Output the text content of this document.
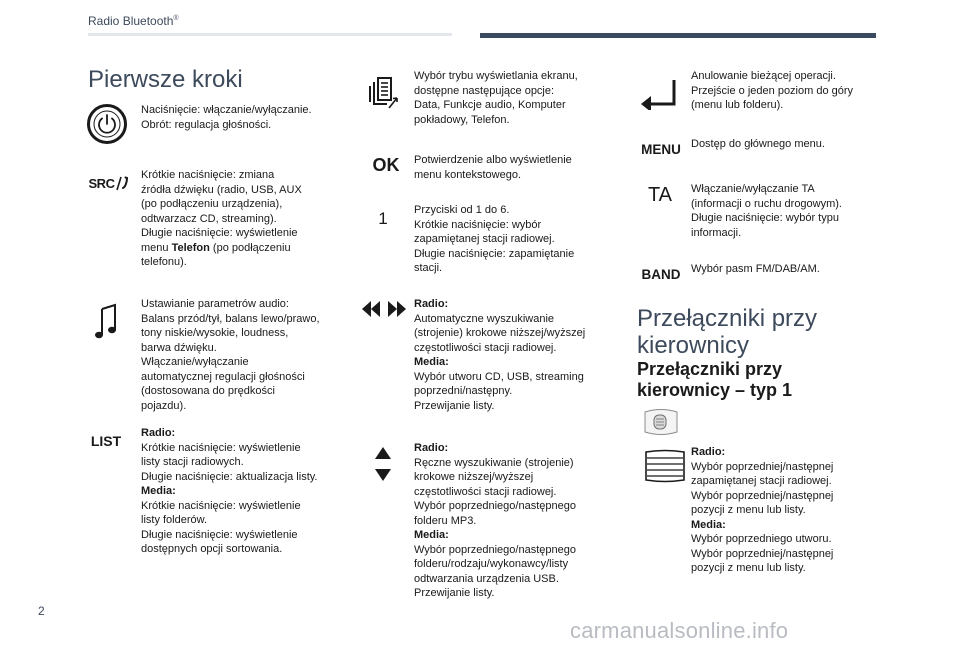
Radio Bluetooth®
Pierwsze kroki
Naciśnięcie: włączanie/wyłączanie.
Obrót: regulacja głośności.
SRC
Krótkie naciśnięcie: zmiana
źródła dźwięku (radio, USB, AUX
(po podłączeniu urządzenia),
odtwarzacz CD, streaming).
Długie naciśnięcie: wyświetlenie
menu Telefon (po podłączeniu
telefonu).
Ustawianie parametrów audio:
Balans przód/tył, balans lewo/prawo,
tony niskie/wysokie, loudness,
barwa dźwięku.
Włączanie/wyłączanie
automatycznej regulacji głośności
(dostosowana do prędkości
pojazdu).
LIST Radio:
Krótkie naciśnięcie: wyświetlenie
listy stacji radiowych.
Długie naciśnięcie: aktualizacja listy.
Media:
Krótkie naciśnięcie: wyświetlenie
listy folderów.
Długie naciśnięcie: wyświetlenie
dostępnych opcji sortowania.
Wybór trybu wyświetlania ekranu,
dostępne następujące opcje:
Data, Funkcje audio, Komputer
pokładowy, Telefon.
OK Potwierdzenie albo wyświetlenie
menu kontekstowego.
1 Przyciski od 1 do 6.
Krótkie naciśnięcie: wybór
zapamiętanej stacji radiowej.
Długie naciśnięcie: zapamiętanie
stacji.
Radio:
Automatyczne wyszukiwanie
(strojenie) krokowe niższej/wyższej
częstotliwości stacji radiowej.
Media:
Wybór utworu CD, USB, streaming
poprzedni/następny.
Przewijanie listy.
Radio:
Ręczne wyszukiwanie (strojenie)
krokowe niższej/wyższej
częstotliwości stacji radiowej.
Wybór poprzedniego/następnego
folderu MP3.
Media:
Wybór poprzedniego/następnego
folderu/rodzaju/wykonawcy/listy
odtwarzania urządzenia USB.
Przewijanie listy.
Anulowanie bieżącej operacji.
Przejście o jeden poziom do góry
(menu lub folderu).
MENU Dostęp do głównego menu.
TA Włączanie/wyłączanie TA
(informacji o ruchu drogowym).
Długie naciśnięcie: wybór typu
informacji.
BAND Wybór pasm FM/DAB/AM.
Przełączniki przy
kierownicy
Przełączniki przy
kierownicy – typ 1
Radio:
Wybór poprzedniej/następnej
zapamiętanej stacji radiowej.
Wybór poprzedniej/następnej
pozycji z menu lub listy.
Media:
Wybór poprzedniego utworu.
Wybór poprzedniej/następnej
pozycji z menu lub listy.
2
carmanualsonline.info
